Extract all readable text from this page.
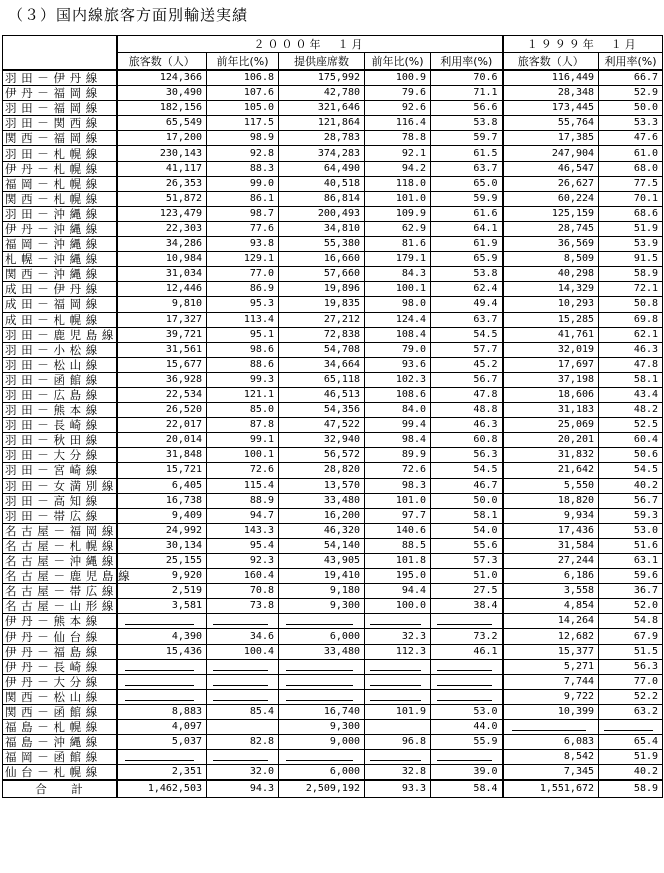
（３）国内線旅客方面別輸送実績
	２０００年　１月					１９９９年　１月	
	旅客数（人）	前年比(%)	提供座席数	前年比(%)	利用率(%)	旅客数（人）	利用率(%)
羽 田 － 伊 丹 線	124,366	106.8	175,992	100.9	70.6	116,449	66.7
伊 丹 － 福 岡 線	30,490	107.6	42,780	79.6	71.1	28,348	52.9
羽 田 － 福 岡 線	182,156	105.0	321,646	92.6	56.6	173,445	50.0
羽 田 － 関 西 線	65,549	117.5	121,864	116.4	53.8	55,764	53.3
関 西 － 福 岡 線	17,200	98.9	28,783	78.8	59.7	17,385	47.6
羽 田 － 札 幌 線	230,143	92.8	374,283	92.1	61.5	247,904	61.0
伊 丹 － 札 幌 線	41,117	88.3	64,490	94.2	63.7	46,547	68.0
福 岡 － 札 幌 線	26,353	99.0	40,518	118.0	65.0	26,627	77.5
関 西 － 札 幌 線	51,872	86.1	86,814	101.0	59.9	60,224	70.1
羽 田 － 沖 縄 線	123,479	98.7	200,493	109.9	61.6	125,159	68.6
伊 丹 － 沖 縄 線	22,303	77.6	34,810	62.9	64.1	28,745	51.9
福 岡 － 沖 縄 線	34,286	93.8	55,380	81.6	61.9	36,569	53.9
札 幌 － 沖 縄 線	10,984	129.1	16,660	179.1	65.9	8,509	91.5
関 西 － 沖 縄 線	31,034	77.0	57,660	84.3	53.8	40,298	58.9
成 田 － 伊 丹 線	12,446	86.9	19,896	100.1	62.4	14,329	72.1
成 田 － 福 岡 線	9,810	95.3	19,835	98.0	49.4	10,293	50.8
成 田 － 札 幌 線	17,327	113.4	27,212	124.4	63.7	15,285	69.8
羽 田 － 鹿 児 島 線	39,721	95.1	72,838	108.4	54.5	41,761	62.1
羽 田 － 小 松 線	31,561	98.6	54,708	79.0	57.7	32,019	46.3
羽 田 － 松 山 線	15,677	88.6	34,664	93.6	45.2	17,697	47.8
羽 田 － 函 館 線	36,928	99.3	65,118	102.3	56.7	37,198	58.1
羽 田 － 広 島 線	22,534	121.1	46,513	108.6	47.8	18,606	43.4
羽 田 － 熊 本 線	26,520	85.0	54,356	84.0	48.8	31,183	48.2
羽 田 － 長 崎 線	22,017	87.8	47,522	99.4	46.3	25,069	52.5
羽 田 － 秋 田 線	20,014	99.1	32,940	98.4	60.8	20,201	60.4
羽 田 － 大 分 線	31,848	100.1	56,572	89.9	56.3	31,832	50.6
羽 田 － 宮 崎 線	15,721	72.6	28,820	72.6	54.5	21,642	54.5
羽 田 － 女 満 別 線	6,405	115.4	13,570	98.3	46.7	5,550	40.2
羽 田 － 高 知 線	16,738	88.9	33,480	101.0	50.0	18,820	56.7
羽 田 － 帯 広 線	9,409	94.7	16,200	97.7	58.1	9,934	59.3
名 古 屋 － 福 岡 線	24,992	143.3	46,320	140.6	54.0	17,436	53.0
名 古 屋 － 札 幌 線	30,134	95.4	54,140	88.5	55.6	31,584	51.6
名 古 屋 － 沖 縄 線	25,155	92.3	43,905	101.8	57.3	27,244	63.1
名 古 屋 － 鹿 児 島 線	9,920	160.4	19,410	195.0	51.0	6,186	59.6
名 古 屋 － 帯 広 線	2,519	70.8	9,180	94.4	27.5	3,558	36.7
名 古 屋 － 山 形 線	3,581	73.8	9,300	100.0	38.4	4,854	52.0
伊 丹 － 熊 本 線						14,264	54.8
伊 丹 － 仙 台 線	4,390	34.6	6,000	32.3	73.2	12,682	67.9
伊 丹 － 福 島 線	15,436	100.4	33,480	112.3	46.1	15,377	51.5
伊 丹 － 長 崎 線						5,271	56.3
伊 丹 － 大 分 線						7,744	77.0
関 西 － 松 山 線						9,722	52.2
関 西 － 函 館 線	8,883	85.4	16,740	101.9	53.0	10,399	63.2
福 島 － 札 幌 線	4,097		9,300		44.0	

福 島 － 沖 縄 線	5,037	82.8	9,000	96.8	55.9	6,083	65.4
福 岡 － 函 館 線						8,542	51.9
仙 台 － 札 幌 線	2,351	32.0	6,000	32.8	39.0	7,345	40.2
合　　計	1,462,503	94.3	2,509,192	93.3	58.4	1,551,672	58.9
